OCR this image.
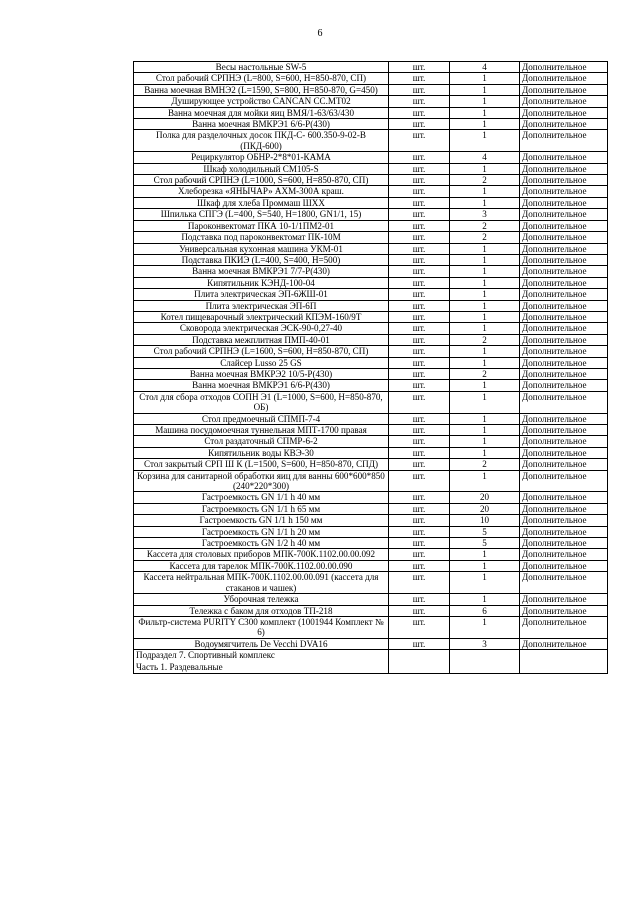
6
Весы настольные SW-5	шт.	4	Дополнительное
Стол рабочий СРПНЭ (L=800, S=600, H=850-870, СП)	шт.	1	Дополнительное
Ванна моечная ВМНЭ2 (L=1590, S=800, H=850-870, G=450)	шт.	1	Дополнительное
Душирующее устройство CANCAN CC.MT02	шт.	1	Дополнительное
Ванна моечная для мойки яиц ВМЯ/1-63/63/430	шт.	1	Дополнительное
Ванна моечная ВМКРЭ1 6/6-Р(430)	шт.	1	Дополнительное
Полка для разделочных досок ПКД-С- 600.350-9-02-В (ПКД-600)	шт.	1	Дополнительное
Рециркулятор ОБНР-2*8*01-КАМА	шт.	4	Дополнительное
Шкаф холодильный СМ105-S	шт.	1	Дополнительное
Стол рабочий СРПНЭ (L=1000, S=600, H=850-870, СП)	шт.	2	Дополнительное
Хлеборезка «ЯНЫЧАР» АХМ-300А краш.	шт.	1	Дополнительное
Шкаф для хлеба Проммаш ШХХ	шт.	1	Дополнительное
Шпилька СПГЭ (L=400, S=540, H=1800, GN1/1, 15)	шт.	3	Дополнительное
Пароконвектомат ПКА 10-1/1ПМ2-01	шт.	2	Дополнительное
Подставка под пароконвектомат ПК-10М	шт.	2	Дополнительное
Универсальная кухонная машина УКМ-01	шт.	1	Дополнительное
Подставка ПКИЭ (L=400, S=400, H=500)	шт.	1	Дополнительное
Ванна моечная ВМКРЭ1 7/7-Р(430)	шт.	1	Дополнительное
Кипятильник КЭНД-100-04	шт.	1	Дополнительное
Плита электрическая ЭП-6ЖШ-01	шт.	1	Дополнительное
Плита электрическая ЭП-6П	шт.	1	Дополнительное
Котел пищеварочный электрический КПЭМ-160/9Т	шт.	1	Дополнительное
Сковорода электрическая ЭСК-90-0,27-40	шт.	1	Дополнительное
Подставка межплитная ПМП-40-01	шт.	2	Дополнительное
Стол рабочий СРПНЭ (L=1600, S=600, H=850-870, СП)	шт.	1	Дополнительное
Слайсер Lusso 25 GS	шт.	1	Дополнительное
Ванна моечная ВМКРЭ2 10/5-Р(430)	шт.	2	Дополнительное
Ванна моечная ВМКРЭ1 6/6-Р(430)	шт.	1	Дополнительное
Стол для сбора отходов СОПН Э1 (L=1000, S=600, H=850-870, ОБ)	шт.	1	Дополнительное
Стол предмоечный СПМП-7-4	шт.	1	Дополнительное
Машина посудомоечная туннельная МПТ-1700 правая	шт.	1	Дополнительное
Стол раздаточный СПМР-6-2	шт.	1	Дополнительное
Кипятильник воды КВЭ-30	шт.	1	Дополнительное
Стол закрытый СРП Ш К (L=1500, S=600, H=850-870, СПД)	шт.	2	Дополнительное
Корзина для санитарной обработки яиц для ванны 600*600*850 (240*220*300)	шт.	1	Дополнительное
Гастроемкость GN 1/1 h 40 мм	шт.	20	Дополнительное
Гастроемкость GN 1/1 h 65 мм	шт.	20	Дополнительное
Гастроемкость GN 1/1 h 150 мм	шт.	10	Дополнительное
Гастроемкость GN 1/1 h 20 мм	шт.	5	Дополнительное
Гастроемкость GN 1/2 h 40 мм	шт.	5	Дополнительное
Кассета для столовых приборов МПК-700К.1102.00.00.092	шт.	1	Дополнительное
Кассета для тарелок МПК-700К.1102.00.00.090	шт.	1	Дополнительное
Кассета нейтральная МПК-700К.1102.00.00.091 (кассета для стаканов и чашек)	шт.	1	Дополнительное
Уборочная тележка	шт.	1	Дополнительное
Тележка с баком для отходов ТП-218	шт.	6	Дополнительное
Фильтр-система PURITY C300 комплект (1001944 Комплект № 6)	шт.	1	Дополнительное
Водоумягчитель De Vecchi DVA16	шт.	3	Дополнительное

Подраздел 7. Спортивный комплекс
Часть 1. Раздевальные			
